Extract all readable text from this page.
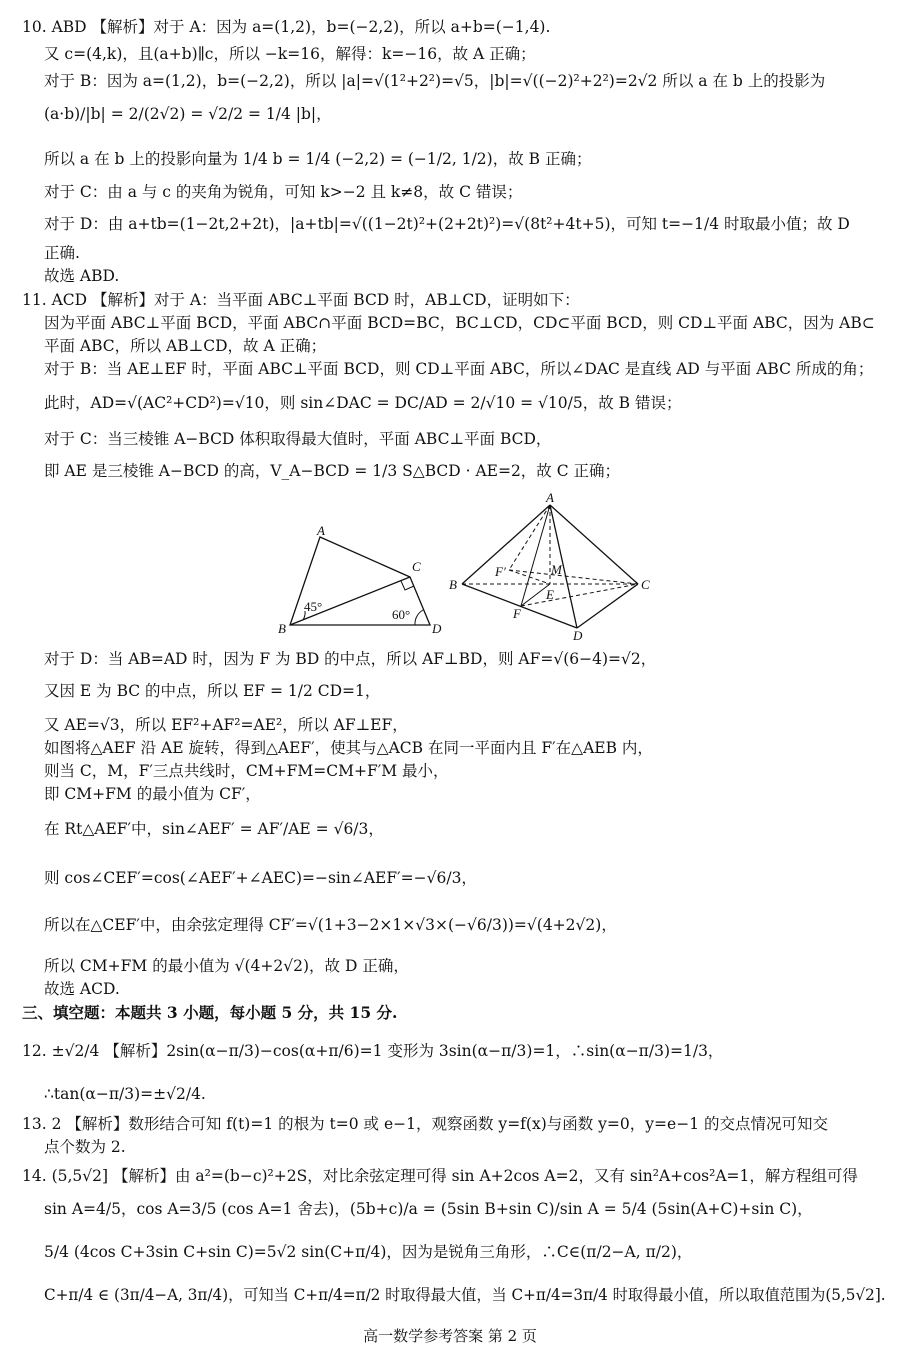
10. ABD 【解析】对于 A：因为 a=(1,2)，b=(−2,2)，所以 a+b=(−1,4).
又 c=(4,k)，且(a+b)∥c，所以 −k=16，解得：k=−16，故 A 正确；
对于 B：因为 a=(1,2)，b=(−2,2)，所以 |a|=√(1²+2²)=√5，|b|=√((−2)²+2²)=2√2 所以 a 在 b 上的投影为
(a·b)/|b| = 2/(2√2) = √2/2 = 1/4 |b|，
所以 a 在 b 上的投影向量为 1/4 b = 1/4 (−2,2) = (−1/2, 1/2)，故 B 正确；
对于 C：由 a 与 c 的夹角为锐角，可知 k>−2 且 k≠8，故 C 错误；
对于 D：由 a+tb=(1−2t,2+2t)，|a+tb|=√((1−2t)²+(2+2t)²)=√(8t²+4t+5)，可知 t=−1/4 时取最小值；故 D
正确.
故选 ABD.
11. ACD 【解析】对于 A：当平面 ABC⊥平面 BCD 时，AB⊥CD，证明如下：
因为平面 ABC⊥平面 BCD，平面 ABC∩平面 BCD=BC，BC⊥CD，CD⊂平面 BCD，则 CD⊥平面 ABC，因为 AB⊂
平面 ABC，所以 AB⊥CD，故 A 正确；
对于 B：当 AE⊥EF 时，平面 ABC⊥平面 BCD，则 CD⊥平面 ABC，所以∠DAC 是直线 AD 与平面 ABC 所成的角；
此时，AD=√(AC²+CD²)=√10，则 sin∠DAC = DC/AD = 2/√10 = √10/5，故 B 错误；
对于 C：当三棱锥 A−BCD 体积取得最大值时，平面 ABC⊥平面 BCD，
即 AE 是三棱锥 A−BCD 的高，V_A−BCD = 1/3 S△BCD · AE=2，故 C 正确；
A
B
C
D
45°
60°
A
B	C
D
E
F
F′	M
对于 D：当 AB=AD 时，因为 F 为 BD 的中点，所以 AF⊥BD，则 AF=√(6−4)=√2，
又因 E 为 BC 的中点，所以 EF = 1/2 CD=1，
又 AE=√3，所以 EF²+AF²=AE²，所以 AF⊥EF，
如图将△AEF 沿 AE 旋转，得到△AEF′，使其与△ACB 在同一平面内且 F′在△AEB 内，
则当 C，M，F′三点共线时，CM+FM=CM+F′M 最小，
即 CM+FM 的最小值为 CF′，
在 Rt△AEF′中，sin∠AEF′ = AF′/AE = √6/3，
则 cos∠CEF′=cos(∠AEF′+∠AEC)=−sin∠AEF′=−√6/3，
所以在△CEF′中，由余弦定理得 CF′=√(1+3−2×1×√3×(−√6/3))=√(4+2√2)，
所以 CM+FM 的最小值为 √(4+2√2)，故 D 正确，
故选 ACD.
三、填空题：本题共 3 小题，每小题 5 分，共 15 分.
12. ±√2/4 【解析】2sin(α−π/3)−cos(α+π/6)=1 变形为 3sin(α−π/3)=1，∴sin(α−π/3)=1/3，
∴tan(α−π/3)=±√2/4.
13. 2 【解析】数形结合可知 f(t)=1 的根为 t=0 或 e−1，观察函数 y=f(x)与函数 y=0，y=e−1 的交点情况可知交
点个数为 2.
14. (5,5√2] 【解析】由 a²=(b−c)²+2S，对比余弦定理可得 sin A+2cos A=2，又有 sin²A+cos²A=1，解方程组可得
sin A=4/5，cos A=3/5 (cos A=1 舍去)，(5b+c)/a = (5sin B+sin C)/sin A = 5/4 (5sin(A+C)+sin C)，
5/4 (4cos C+3sin C+sin C)=5√2 sin(C+π/4)，因为是锐角三角形，∴C∈(π/2−A, π/2)，
C+π/4 ∈ (3π/4−A, 3π/4)，可知当 C+π/4=π/2 时取得最大值，当 C+π/4=3π/4 时取得最小值，所以取值范围为(5,5√2].
高一数学参考答案 第 2 页
